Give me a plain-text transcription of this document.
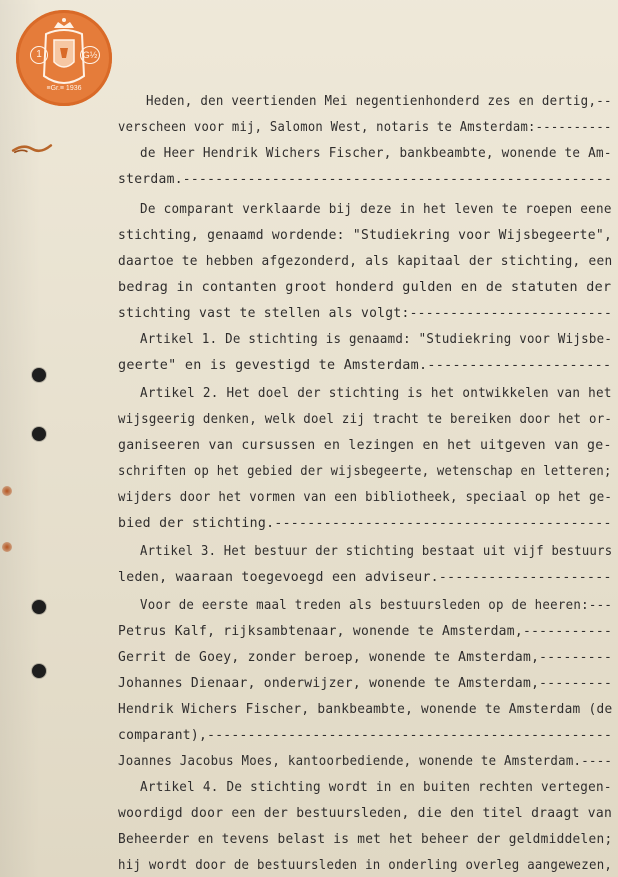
1	G½
≡Gr.≡ 1936
Heden, den veertienden Mei negentienhonderd zes en dertig,--
verscheen voor mij, Salomon West, notaris te Amsterdam:----------
de Heer Hendrik Wichers Fischer, bankbeambte, wonende te Am-
sterdam.-----------------------------------------------------
De comparant verklaarde bij deze in het leven te roepen eene
stichting, genaamd wordende: "Studiekring voor Wijsbegeerte",
daartoe te hebben afgezonderd, als kapitaal der stichting, een
bedrag in contanten groot honderd gulden en de statuten der
stichting vast te stellen als volgt:-------------------------
Artikel 1. De stichting is genaamd: "Studiekring voor Wijsbe-
geerte" en is gevestigd te Amsterdam.----------------------
Artikel 2. Het doel der stichting is het ontwikkelen van het
wijsgeerig denken, welk doel zij tracht te bereiken door het or-
ganiseeren van cursussen en lezingen en het uitgeven van ge-
schriften op het gebied der wijsbegeerte, wetenschap en letteren;
wijders door het vormen van een bibliotheek, speciaal op het ge-
bied der stichting.-----------------------------------------
Artikel 3. Het bestuur der stichting bestaat uit vijf bestuurs
leden, waaraan toegevoegd een adviseur.---------------------
Voor de eerste maal treden als bestuursleden op de heeren:---
Petrus Kalf, rijksambtenaar, wonende te Amsterdam,-----------
Gerrit de Goey, zonder beroep, wonende te Amsterdam,---------
Johannes Dienaar, onderwijzer, wonende te Amsterdam,---------
Hendrik Wichers Fischer, bankbeambte, wonende te Amsterdam (de
comparant),--------------------------------------------------
Joannes Jacobus Moes, kantoorbediende, wonende te Amsterdam.----
Artikel 4. De stichting wordt in en buiten rechten vertegen-
woordigd door een der bestuursleden, die den titel draagt van
Beheerder en tevens belast is met het beheer der geldmiddelen;
hij wordt door de bestuursleden in onderling overleg aangewezen,
